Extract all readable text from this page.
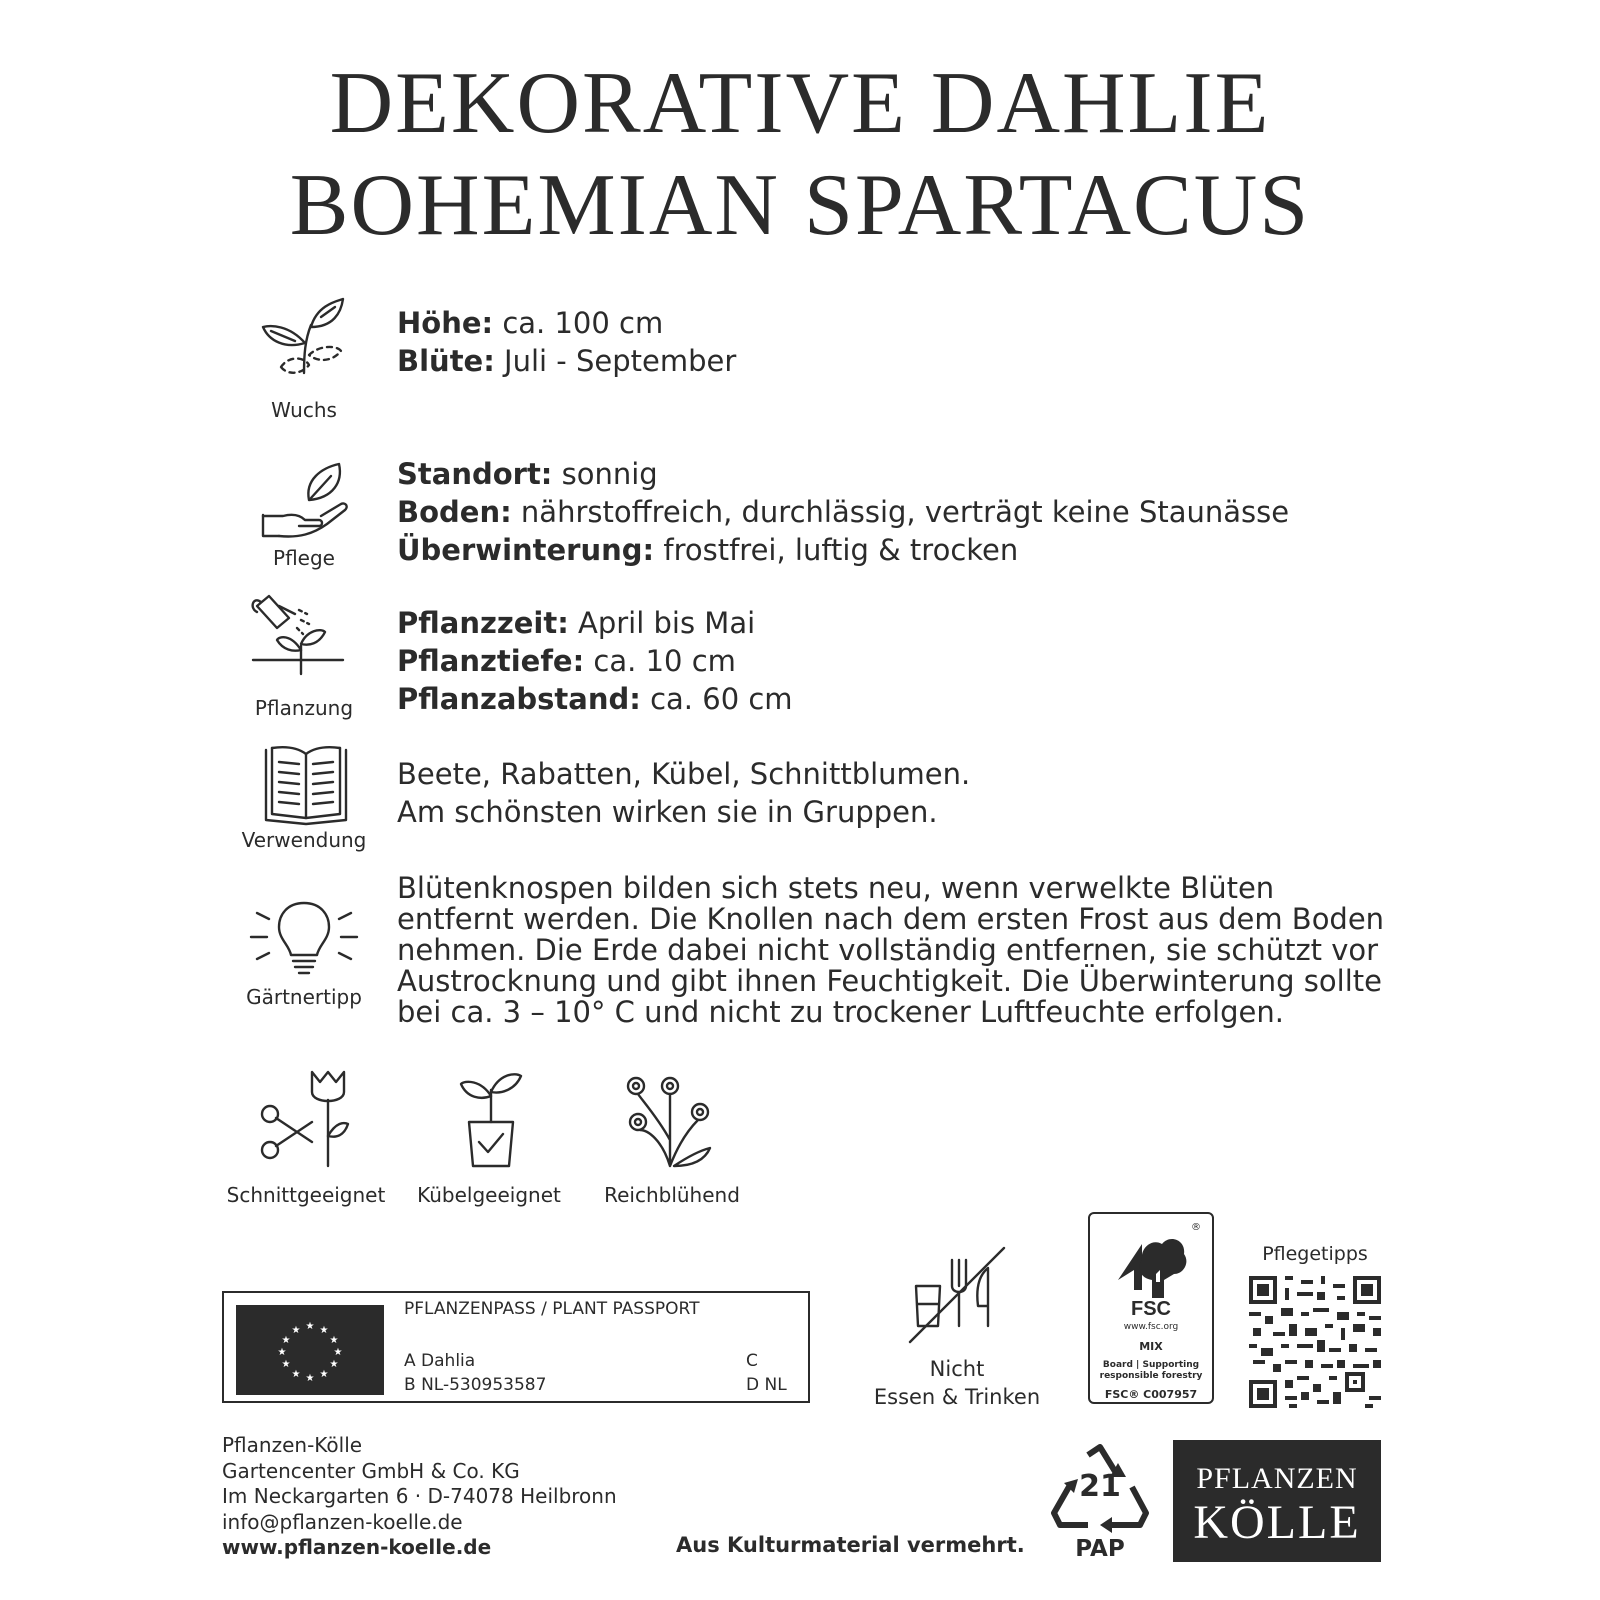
DEKORATIVE DAHLIE
BOHEMIAN SPARTACUS
Wuchs
Höhe: ca. 100 cm
Blüte: Juli - September
Pflege
Standort: sonnig
Boden: nährstoffreich, durchlässig, verträgt keine Staunässe
Überwinterung: frostfrei, luftig & trocken
Pflanzung
Pflanzzeit: April bis Mai
Pflanztiefe: ca. 10 cm
Pflanzabstand: ca. 60 cm
Verwendung
Beete, Rabatten, Kübel, Schnittblumen.
Am schönsten wirken sie in Gruppen.
Gärtnertipp
Blütenknospen bilden sich stets neu, wenn verwelkte Blüten
entfernt werden. Die Knollen nach dem ersten Frost aus dem Boden
nehmen. Die Erde dabei nicht vollständig entfernen, sie schützt vor
Austrocknung und gibt ihnen Feuchtigkeit. Die Überwinterung sollte
bei ca. 3 – 10° C und nicht zu trockener Luftfeuchte erfolgen.
Schnittgeeignet	Kübelgeeignet	Reichblühend
★ ★
★
★
★
★
★
★
★
★
★
★
PFLANZENPASS / PLANT PASSPORT
A Dahlia
B NL-530953587
C
D NL
Nicht
Essen & Trinken
®
FSC
www.fsc.org
MIX
Board | Supporting
responsible forestry
FSC® C007957
Pflegetipps
Pflanzen-Kölle
Gartencenter GmbH & Co. KG
Im Neckargarten 6 · D-74078 Heilbronn
info@pflanzen-koelle.de
www.pflanzen-koelle.de	Aus Kulturmaterial vermehrt.
21
PAP
PFLANZEN
KÖLLE
